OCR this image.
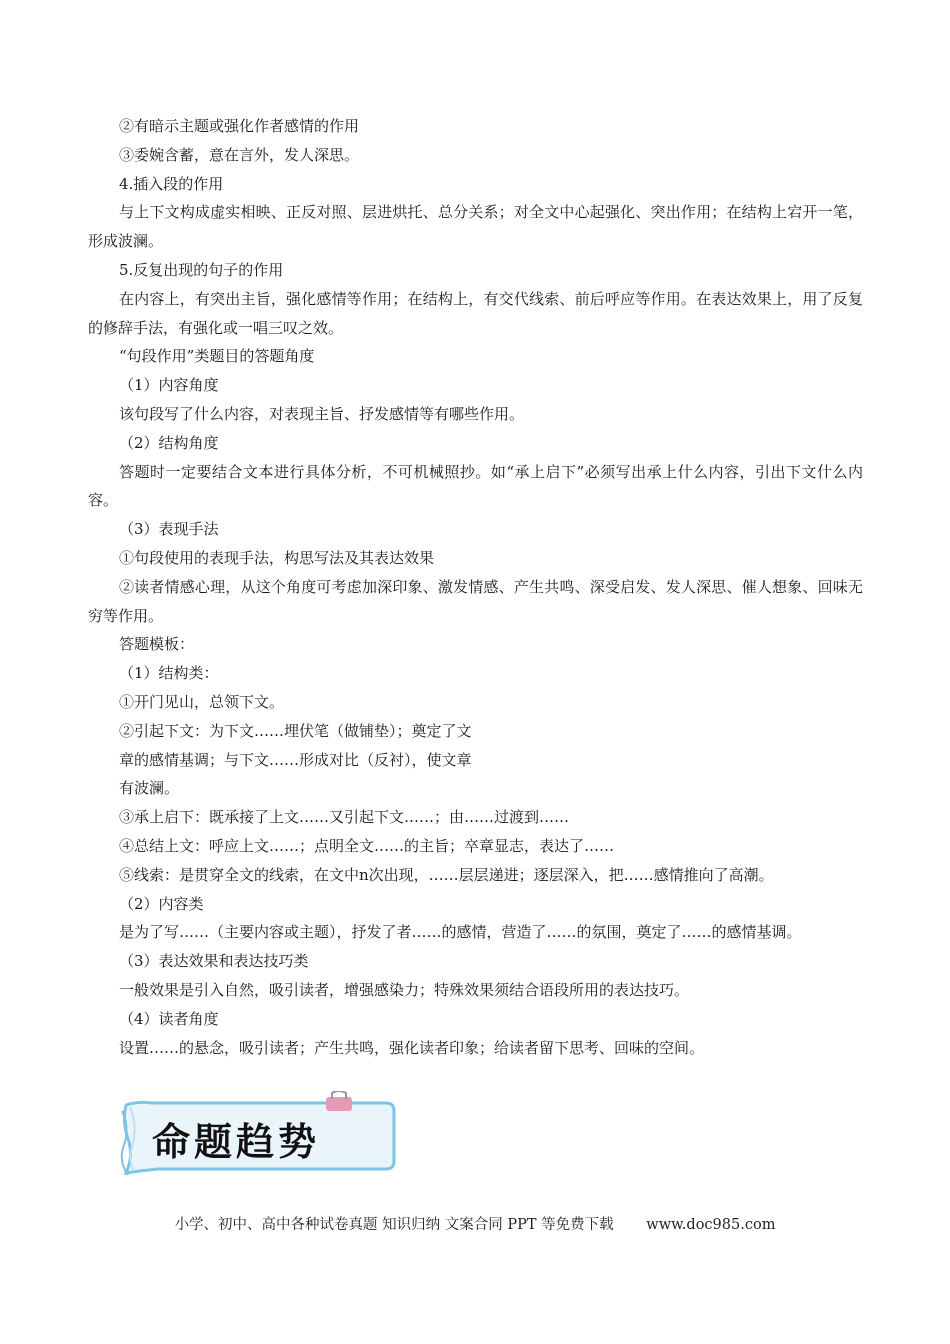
②有暗示主题或强化作者感情的作用
③委婉含蓄，意在言外，发人深思。
4.插入段的作用
与上下文构成虚实相映、正反对照、层进烘托、总分关系；对全文中心起强化、突出作用；在结构上宕开一笔，形成波澜。
5.反复出现的句子的作用
在内容上，有突出主旨，强化感情等作用；在结构上，有交代线索、前后呼应等作用。在表达效果上，用了反复的修辞手法，有强化或一唱三叹之效。
“句段作用”类题目的答题角度
（1）内容角度
该句段写了什么内容，对表现主旨、抒发感情等有哪些作用。
（2）结构角度
答题时一定要结合文本进行具体分析，不可机械照抄。如“承上启下”必须写出承上什么内容，引出下文什么内容。
（3）表现手法
①句段使用的表现手法，构思写法及其表达效果
②读者情感心理，从这个角度可考虑加深印象、激发情感、产生共鸣、深受启发、发人深思、催人想象、回味无穷等作用。
答题模板：
（1）结构类：
①开门见山，总领下文。
②引起下文：为下文……埋伏笔（做铺垫）；奠定了文
章的感情基调；与下文……形成对比（反衬），使文章
有波澜。
③承上启下：既承接了上文……又引起下文……；由……过渡到……
④总结上文：呼应上文……；点明全文……的主旨；卒章显志，表达了……
⑤线索：是贯穿全文的线索，在文中n次出现，……层层递进；逐层深入，把……感情推向了高潮。
（2）内容类
是为了写……（主要内容或主题），抒发了者……的感情，营造了……的氛围，奠定了……的感情基调。
（3）表达效果和表达技巧类
一般效果是引入自然，吸引读者，增强感染力；特殊效果须结合语段所用的表达技巧。
（4）读者角度
设置……的悬念，吸引读者；产生共鸣，强化读者印象；给读者留下思考、回味的空间。
命题趋势
小学、初中、高中各种试卷真题 知识归纳 文案合同 PPT 等免费下载 www.doc985.com
